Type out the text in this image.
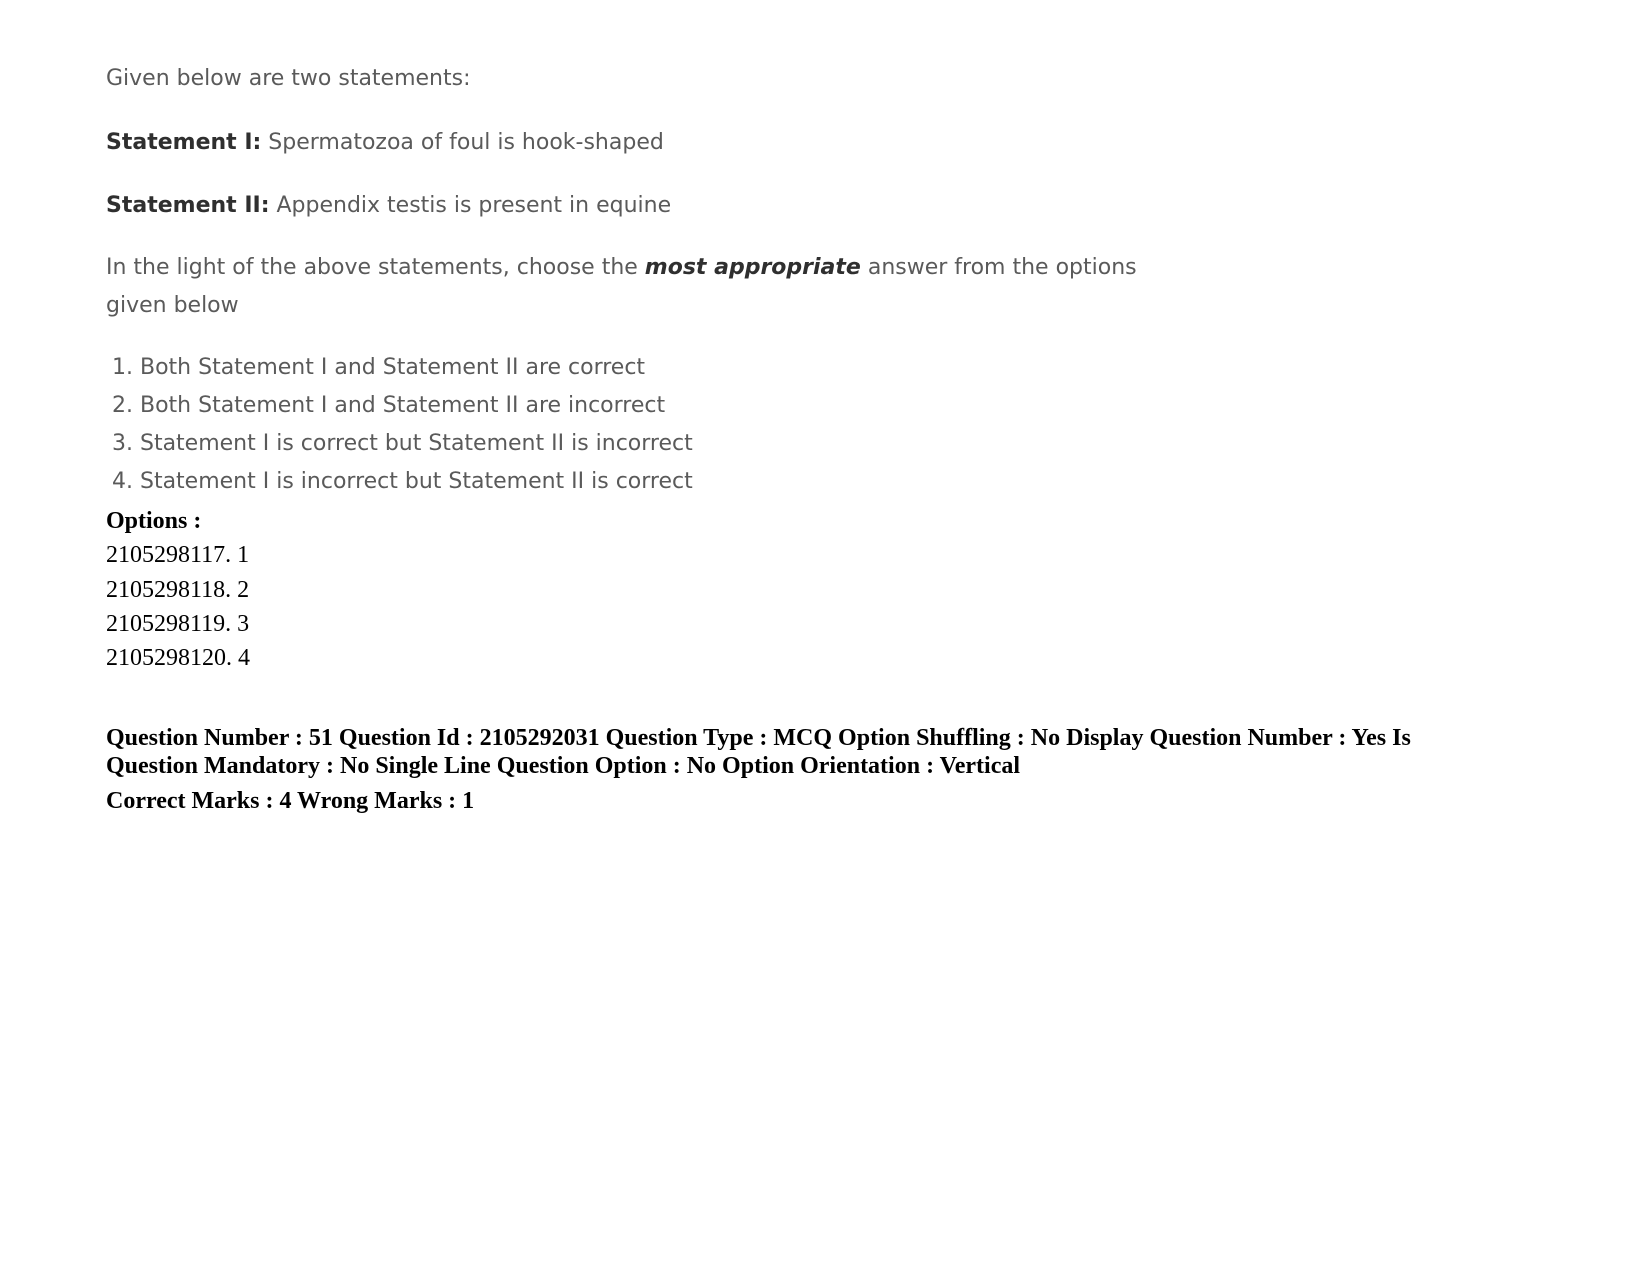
Given below are two statements:
Statement I: Spermatozoa of foul is hook-shaped
Statement II: Appendix testis is present in equine
In the light of the above statements, choose the most appropriate answer from the options
given below
1. Both Statement I and Statement II are correct
2. Both Statement I and Statement II are incorrect
3. Statement I is correct but Statement II is incorrect
4. Statement I is incorrect but Statement II is correct
Options :
2105298117. 1
2105298118. 2
2105298119. 3
2105298120. 4
Question Number : 51 Question Id : 2105292031 Question Type : MCQ Option Shuffling : No Display Question Number : Yes Is
Question Mandatory : No Single Line Question Option : No Option Orientation : Vertical
Correct Marks : 4 Wrong Marks : 1
